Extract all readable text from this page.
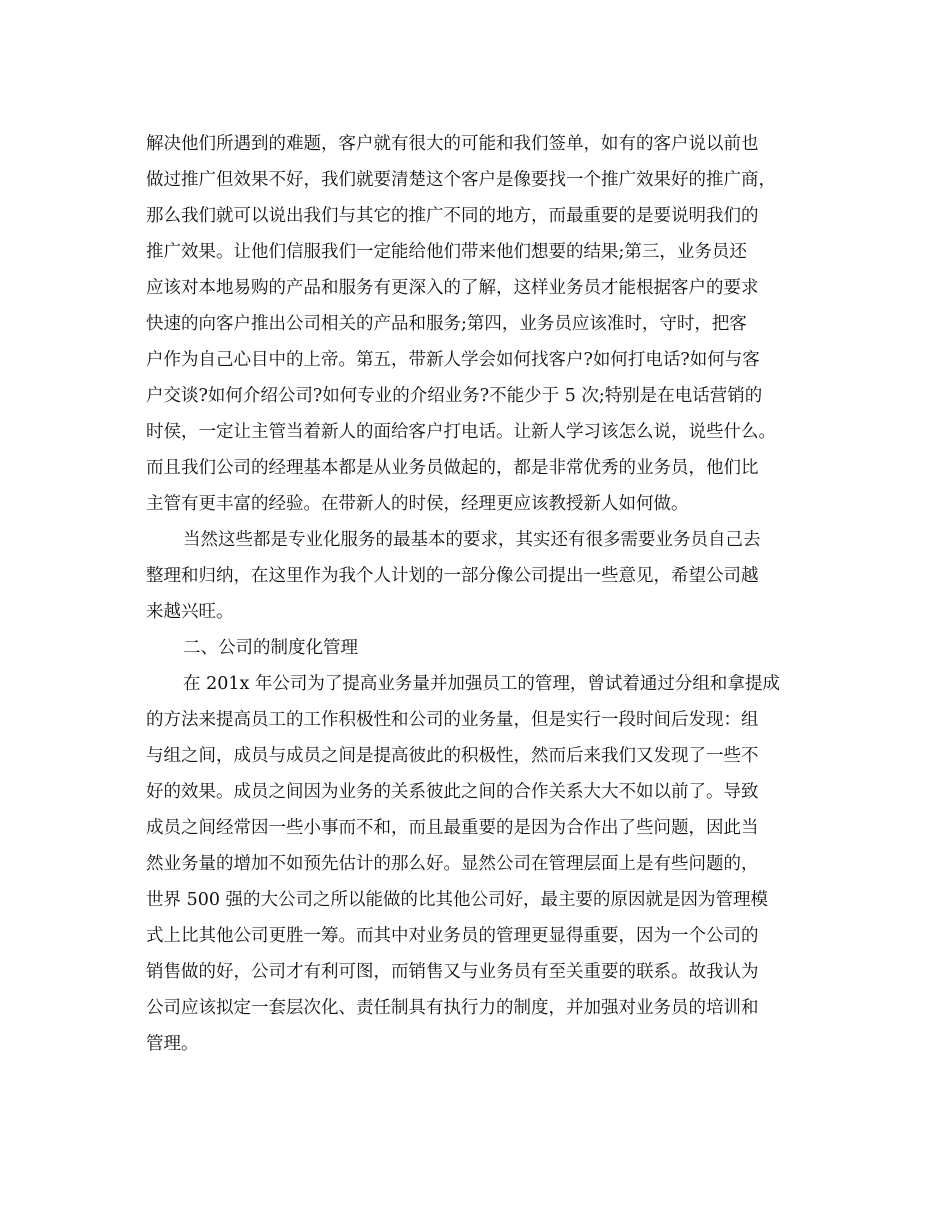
解决他们所遇到的难题，客户就有很大的可能和我们签单，如有的客户说以前也
做过推广但效果不好，我们就要清楚这个客户是像要找一个推广效果好的推广商，
那么我们就可以说出我们与其它的推广不同的地方，而最重要的是要说明我们的
推广效果。让他们信服我们一定能给他们带来他们想要的结果;第三，业务员还
应该对本地易购的产品和服务有更深入的了解，这样业务员才能根据客户的要求
快速的向客户推出公司相关的产品和服务;第四，业务员应该准时，守时，把客
户作为自己心目中的上帝。第五，带新人学会如何找客户?如何打电话?如何与客
户交谈?如何介绍公司?如何专业的介绍业务?不能少于 5 次;特别是在电话营销的
时侯，一定让主管当着新人的面给客户打电话。让新人学习该怎么说，说些什么。
而且我们公司的经理基本都是从业务员做起的，都是非常优秀的业务员，他们比
主管有更丰富的经验。在带新人的时侯，经理更应该教授新人如何做。
当然这些都是专业化服务的最基本的要求，其实还有很多需要业务员自己去
整理和归纳，在这里作为我个人计划的一部分像公司提出一些意见，希望公司越
来越兴旺。
二、公司的制度化管理
在 201x 年公司为了提高业务量并加强员工的管理，曾试着通过分组和拿提成
的方法来提高员工的工作积极性和公司的业务量，但是实行一段时间后发现：组
与组之间，成员与成员之间是提高彼此的积极性，然而后来我们又发现了一些不
好的效果。成员之间因为业务的关系彼此之间的合作关系大大不如以前了。导致
成员之间经常因一些小事而不和，而且最重要的是因为合作出了些问题，因此当
然业务量的增加不如预先估计的那么好。显然公司在管理层面上是有些问题的，
世界 500 强的大公司之所以能做的比其他公司好，最主要的原因就是因为管理模
式上比其他公司更胜一筹。而其中对业务员的管理更显得重要，因为一个公司的
销售做的好，公司才有利可图，而销售又与业务员有至关重要的联系。故我认为
公司应该拟定一套层次化、责任制具有执行力的制度，并加强对业务员的培训和
管理。
